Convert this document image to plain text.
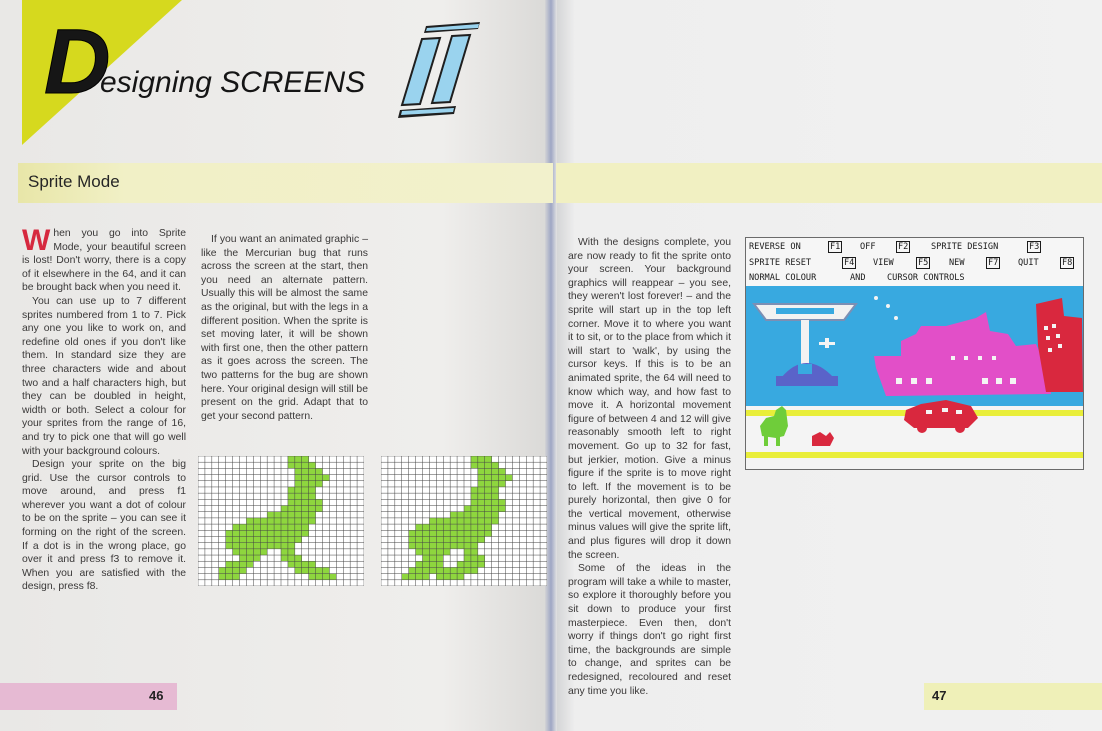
D
esigning SCREENS
Sprite Mode

When you go into Sprite Mode, your beautiful screen is lost! Don't worry, there is a copy of it elsewhere in the 64, and it can be brought back when you need it.

You can use up to 7 different sprites numbered from 1 to 7. Pick any one you like to work on, and redefine old ones if you don't like them. In standard size they are three characters wide and about two and a half characters high, but they can be doubled in height, width or both. Select a colour for your sprites from the range of 16, and try to pick one that will go well with your background colours.

Design your sprite on the big grid. Use the cursor controls to move around, and press f1 wherever you want a dot of colour to be on the sprite – you can see it forming on the right of the screen. If a dot is in the wrong place, go over it and press f3 to remove it. When you are satisfied with the design, press f8.

If you want an animated graphic – like the Mercurian bug that runs across the screen at the start, then you need an alternate pattern. Usually this will be almost the same as the original, but with the legs in a different position. When the sprite is set moving later, it will be shown with first one, then the other pattern as it goes across the screen. The two patterns for the bug are shown here. Your original design will still be present on the grid. Adapt that to get your second pattern.

With the designs complete, you are now ready to fit the sprite onto your screen. Your background graphics will reappear – you see, they weren't lost forever! – and the sprite will start up in the top left corner. Move it to where you want it to sit, or to the place from which it will start to 'walk', by using the cursor keys. If this is to be an animated sprite, the 64 will need to know which way, and how fast to move it. A horizontal movement figure of between 4 and 12 will give reasonably smooth left to right movement. Go up to 32 for fast, but jerkier, motion. Give a minus figure if the sprite is to move right to left. If the movement is to be purely horizontal, then give 0 for the vertical movement, otherwise minus values will give the sprite lift, and plus figures will drop it down the screen.

Some of the ideas in the program will take a while to master, so explore it thoroughly before you sit down to produce your first masterpiece. Even then, don't worry if things don't go right first time, the backgrounds are simple to change, and sprites can be redesigned, recoloured and reset any time you like.

REVERSE ON	F1 OFF	F2	SPRITE DESIGN	F3
SPRITE RESET	F4 VIEW	F5 NEW	F7 QUIT	F8
NORMAL COLOUR	AND CURSOR CONTROLS
46	47
